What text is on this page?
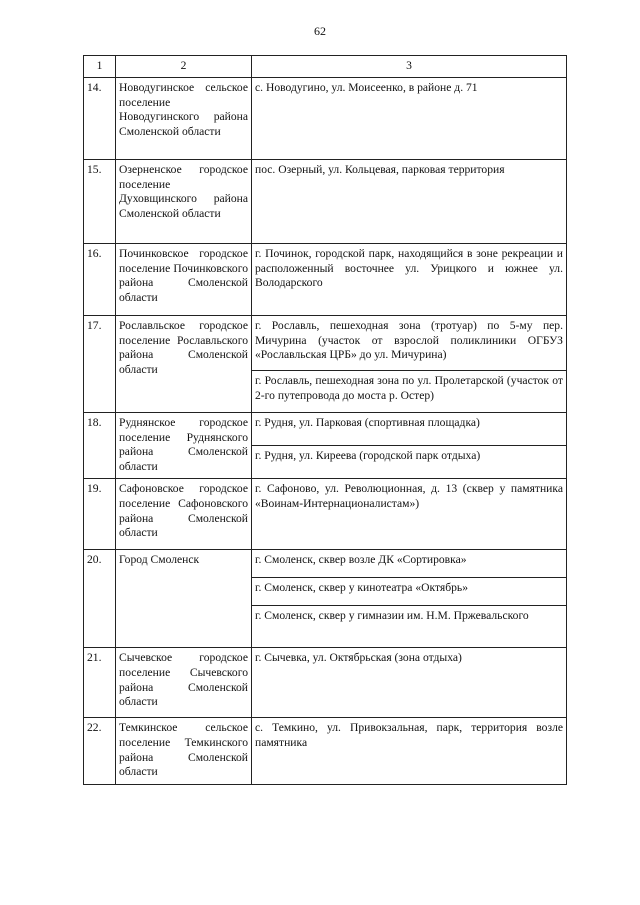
62
1	2	3
14.	Новодугинское сельское поселение Новодугинского района Смоленской области	с. Новодугино, ул. Моисеенко, в районе д. 71
15.	Озерненское городское поселение Духовщинского района Смоленской области	пос. Озерный, ул. Кольцевая, парковая территория
16.	Починковское городское поселение Починковского района Смоленской области	г. Починок, городской парк, находящийся в зоне рекреации и расположенный восточнее ул. Урицкого и южнее ул. Володарского
17.	Рославльское городское поселение Рославльского района Смоленской области	г. Рославль, пешеходная зона (тротуар) по 5-му пер. Мичурина (участок от взрослой поликлиники ОГБУЗ «Рославльская ЦРБ» до ул. Мичурина)
		г. Рославль, пешеходная зона по ул. Пролетарской (участок от 2-го путепровода до моста р. Остер)
18.	Руднянское городское поселение Руднянского района Смоленской области	г. Рудня, ул. Парковая (спортивная площадка)
		г. Рудня, ул. Киреева (городской парк отдыха)
19.	Сафоновское городское поселение Сафоновского района Смоленской области	г. Сафоново, ул. Революционная, д. 13 (сквер у памятника «Воинам-Интернационалистам»)
20.	Город Смоленск	г. Смоленск, сквер возле ДК «Сортировка»
		г. Смоленск, сквер у кинотеатра «Октябрь»
		г. Смоленск, сквер у гимназии им. Н.М. Пржевальского
21.	Сычевское городское поселение Сычевского района Смоленской области	г. Сычевка, ул. Октябрьская (зона отдыха)
22.	Темкинское сельское поселение Темкинского района Смоленской области	с. Темкино, ул. Привокзальная, парк, территория возле памятника
